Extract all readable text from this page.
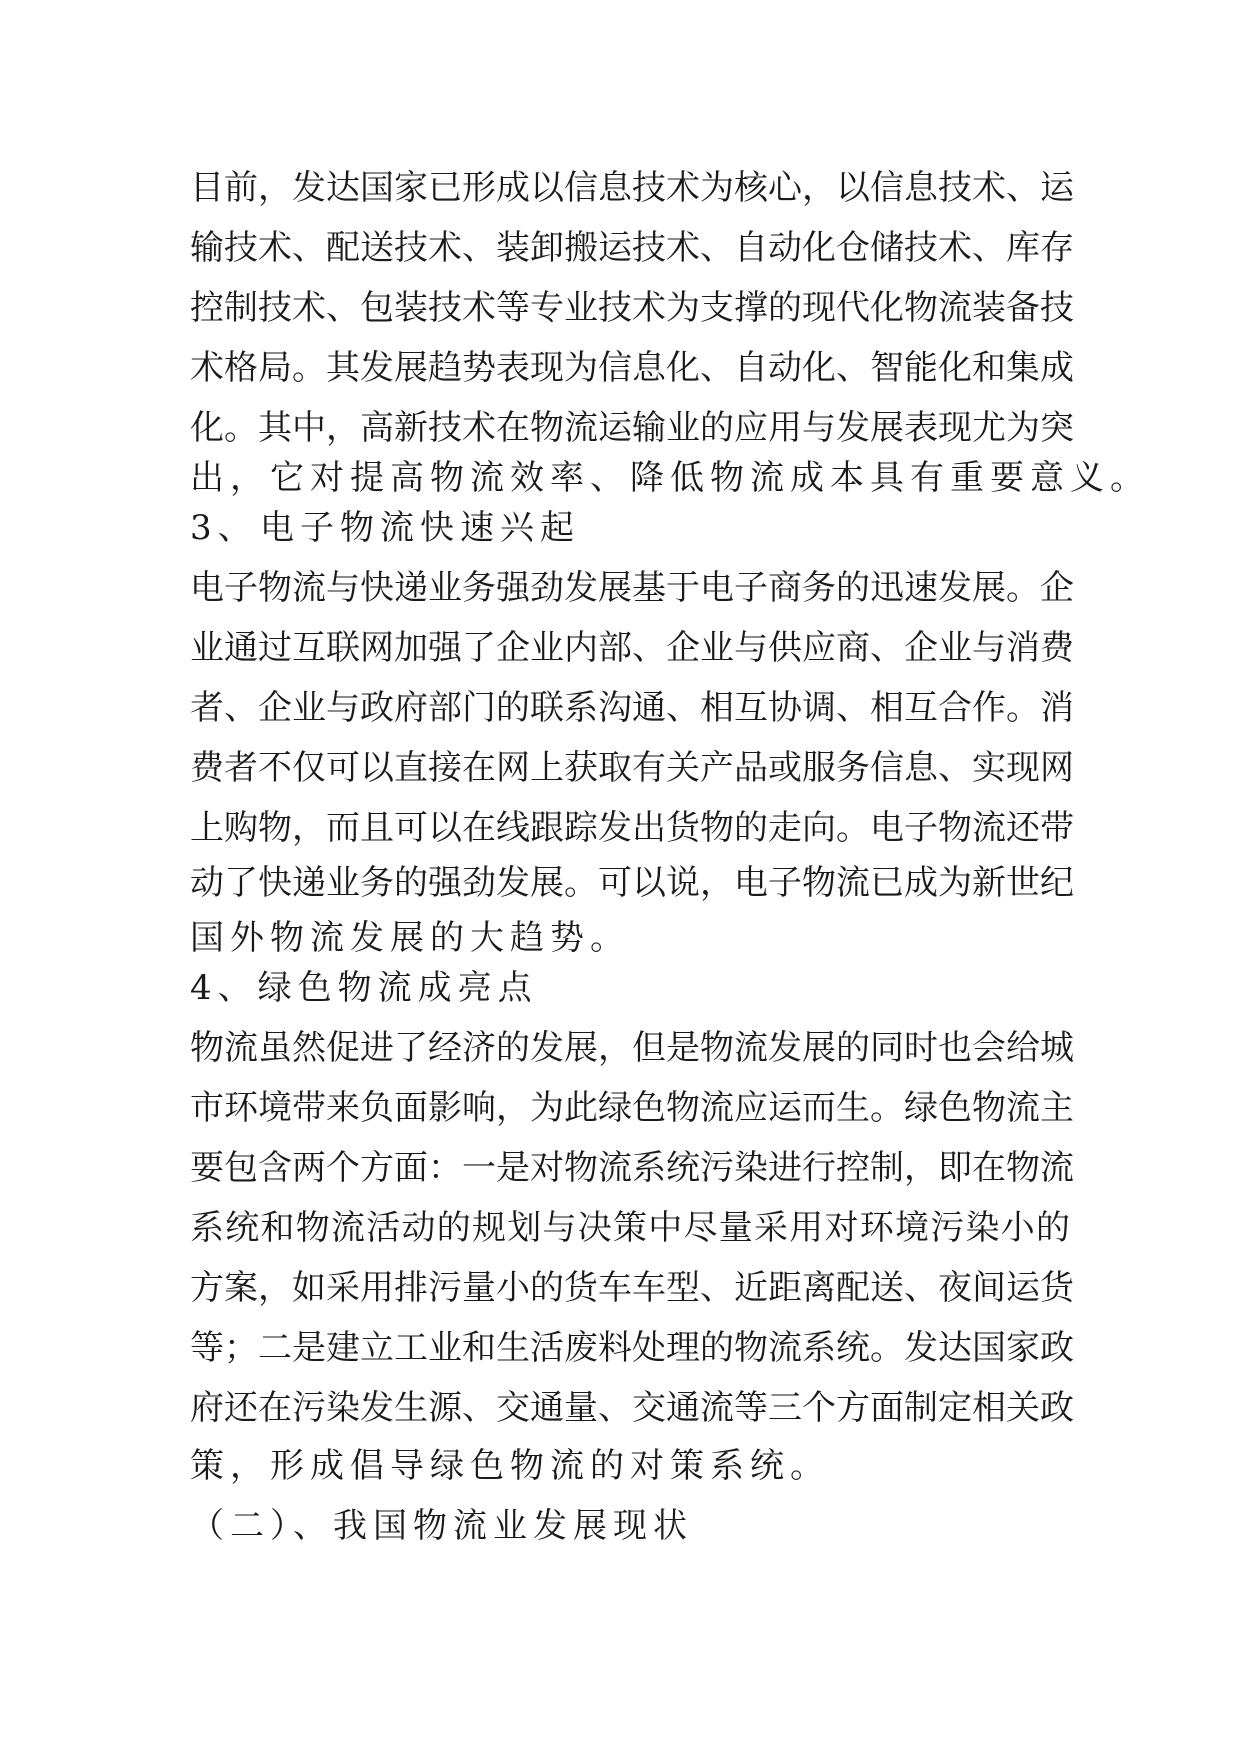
目前，发达国家已形成以信息技术为核心，以信息技术、运
输技术、配送技术、装卸搬运技术、自动化仓储技术、库存
控制技术、包装技术等专业技术为支撑的现代化物流装备技
术格局。其发展趋势表现为信息化、自动化、智能化和集成
化。其中，高新技术在物流运输业的应用与发展表现尤为突
出，它对提高物流效率、降低物流成本具有重要意义。
3、电子物流快速兴起
电子物流与快递业务强劲发展基于电子商务的迅速发展。企
业通过互联网加强了企业内部、企业与供应商、企业与消费
者、企业与政府部门的联系沟通、相互协调、相互合作。消
费者不仅可以直接在网上获取有关产品或服务信息、实现网
上购物，而且可以在线跟踪发出货物的走向。电子物流还带
动了快递业务的强劲发展。可以说，电子物流已成为新世纪
国外物流发展的大趋势。
4、绿色物流成亮点
物流虽然促进了经济的发展，但是物流发展的同时也会给城
市环境带来负面影响，为此绿色物流应运而生。绿色物流主
要包含两个方面：一是对物流系统污染进行控制，即在物流
系统和物流活动的规划与决策中尽量采用对环境污染小的
方案，如采用排污量小的货车车型、近距离配送、夜间运货
等；二是建立工业和生活废料处理的物流系统。发达国家政
府还在污染发生源、交通量、交通流等三个方面制定相关政
策，形成倡导绿色物流的对策系统。
（二）、我国物流业发展现状
